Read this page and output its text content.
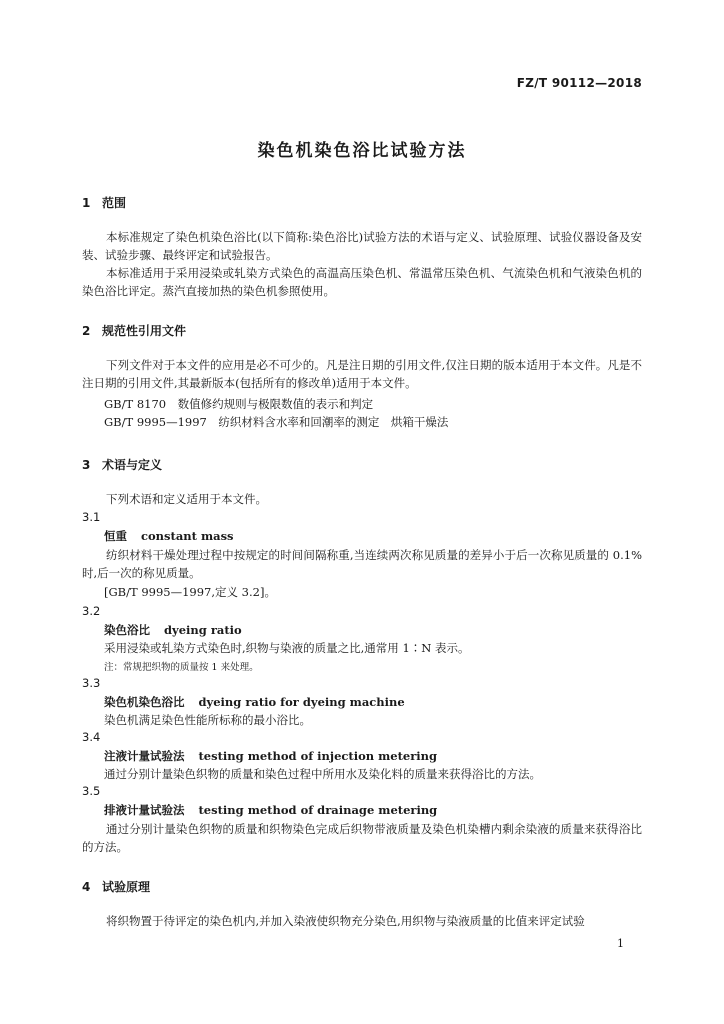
FZ/T 90112—2018
染色机染色浴比试验方法
1 范围
本标准规定了染色机染色浴比(以下简称:染色浴比)试验方法的术语与定义、试验原理、试验仪器设备及安装、试验步骤、最终评定和试验报告。
本标准适用于采用浸染或轧染方式染色的高温高压染色机、常温常压染色机、气流染色机和气液染色机的染色浴比评定。蒸汽直接加热的染色机参照使用。
2 规范性引用文件
下列文件对于本文件的应用是必不可少的。凡是注日期的引用文件,仅注日期的版本适用于本文件。凡是不注日期的引用文件,其最新版本(包括所有的修改单)适用于本文件。
GB/T 8170　数值修约规则与极限数值的表示和判定
GB/T 9995—1997　纺织材料含水率和回潮率的测定　烘箱干燥法
3 术语与定义
下列术语和定义适用于本文件。
3.1
恒重 constant mass
纺织材料干燥处理过程中按规定的时间间隔称重,当连续两次称见质量的差异小于后一次称见质量的 0.1%时,后一次的称见质量。
[GB/T 9995—1997,定义 3.2]。
3.2
染色浴比 dyeing ratio
采用浸染或轧染方式染色时,织物与染液的质量之比,通常用 1∶N 表示。
注：常规把织物的质量按 1 来处理。
3.3
染色机染色浴比 dyeing ratio for dyeing machine
染色机满足染色性能所标称的最小浴比。
3.4
注液计量试验法 testing method of injection metering
通过分别计量染色织物的质量和染色过程中所用水及染化料的质量来获得浴比的方法。
3.5
排液计量试验法 testing method of drainage metering
通过分别计量染色织物的质量和织物染色完成后织物带液质量及染色机染槽内剩余染液的质量来获得浴比的方法。
4 试验原理
将织物置于待评定的染色机内,并加入染液使织物充分染色,用织物与染液质量的比值来评定试验
1
